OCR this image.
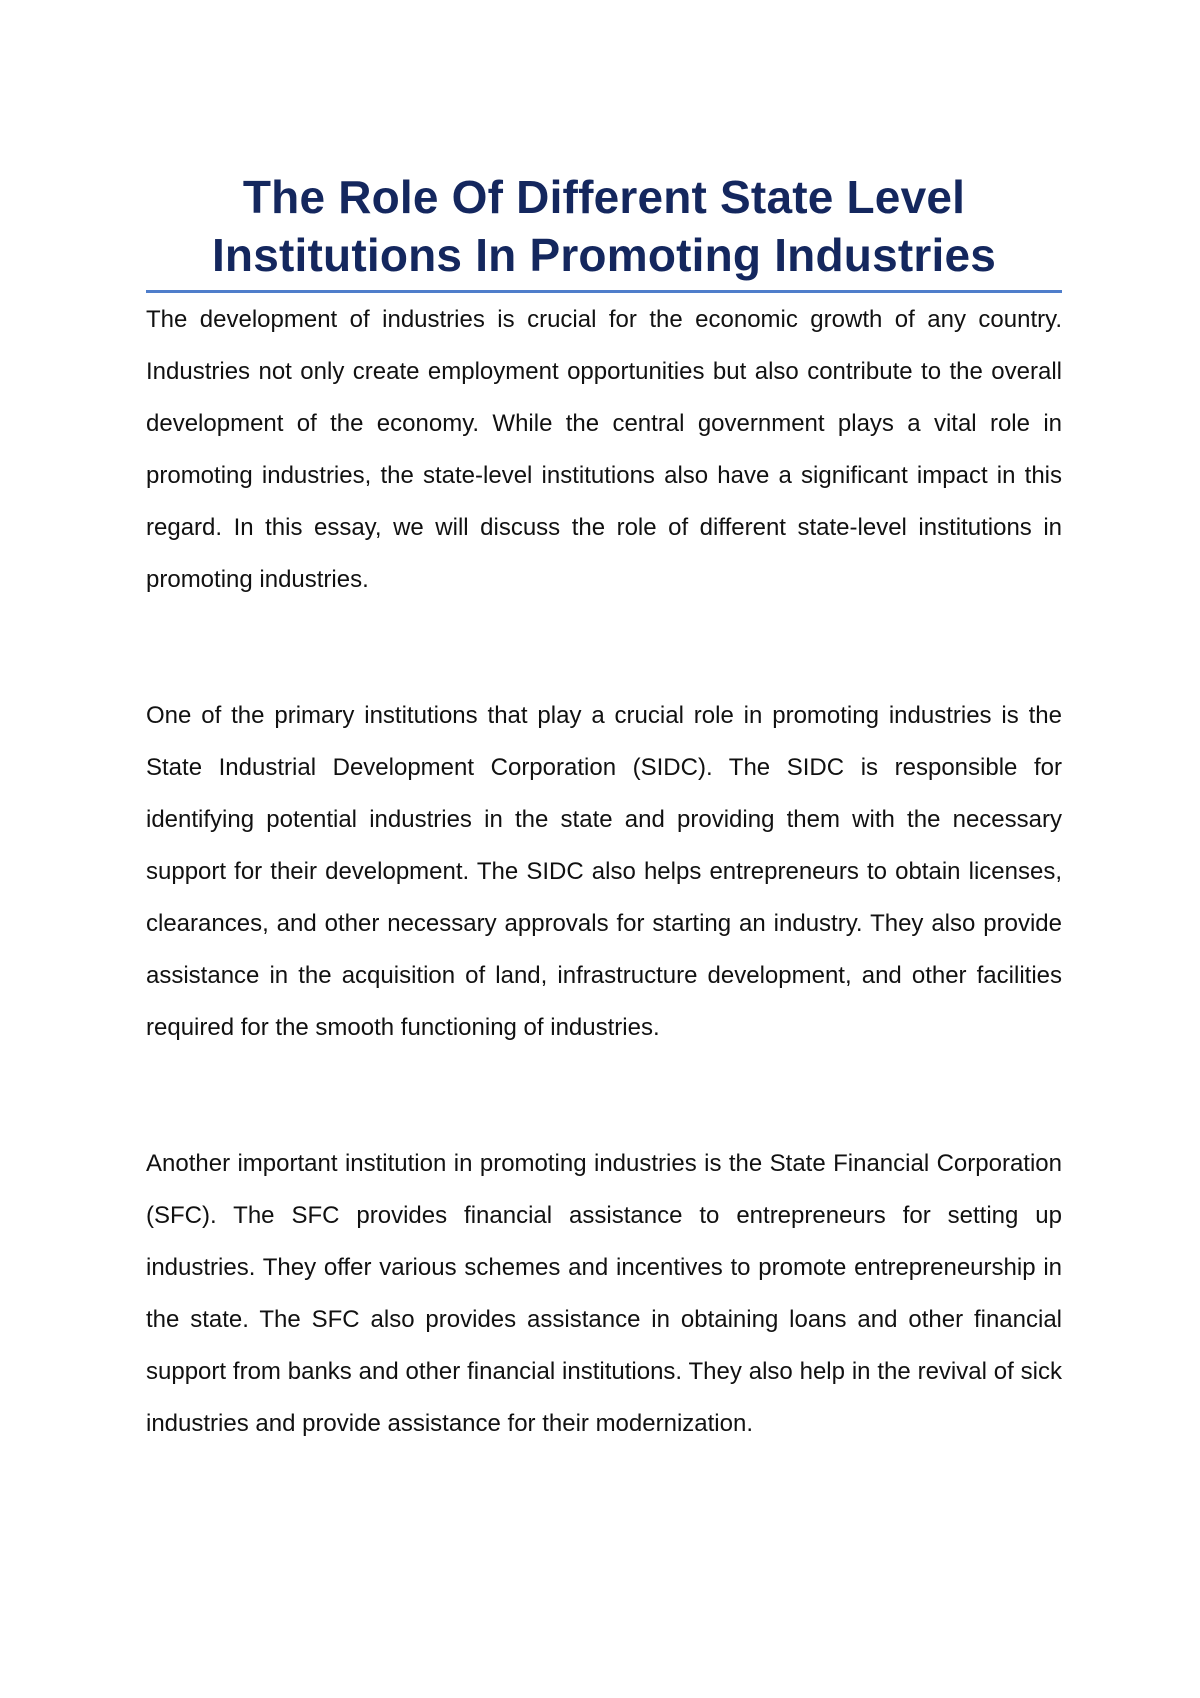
The Role Of Different State Level Institutions In Promoting Industries

The development of industries is crucial for the economic growth of any country. Industries not only create employment opportunities but also contribute to the overall development of the economy. While the central government plays a vital role in promoting industries, the state-level institutions also have a significant impact in this regard. In this essay, we will discuss the role of different state-level institutions in promoting industries.

One of the primary institutions that play a crucial role in promoting industries is the State Industrial Development Corporation (SIDC). The SIDC is responsible for identifying potential industries in the state and providing them with the necessary support for their development. The SIDC also helps entrepreneurs to obtain licenses, clearances, and other necessary approvals for starting an industry. They also provide assistance in the acquisition of land, infrastructure development, and other facilities required for the smooth functioning of industries.

Another important institution in promoting industries is the State Financial Corporation (SFC). The SFC provides financial assistance to entrepreneurs for setting up industries. They offer various schemes and incentives to promote entrepreneurship in the state. The SFC also provides assistance in obtaining loans and other financial support from banks and other financial institutions. They also help in the revival of sick industries and provide assistance for their modernization.
